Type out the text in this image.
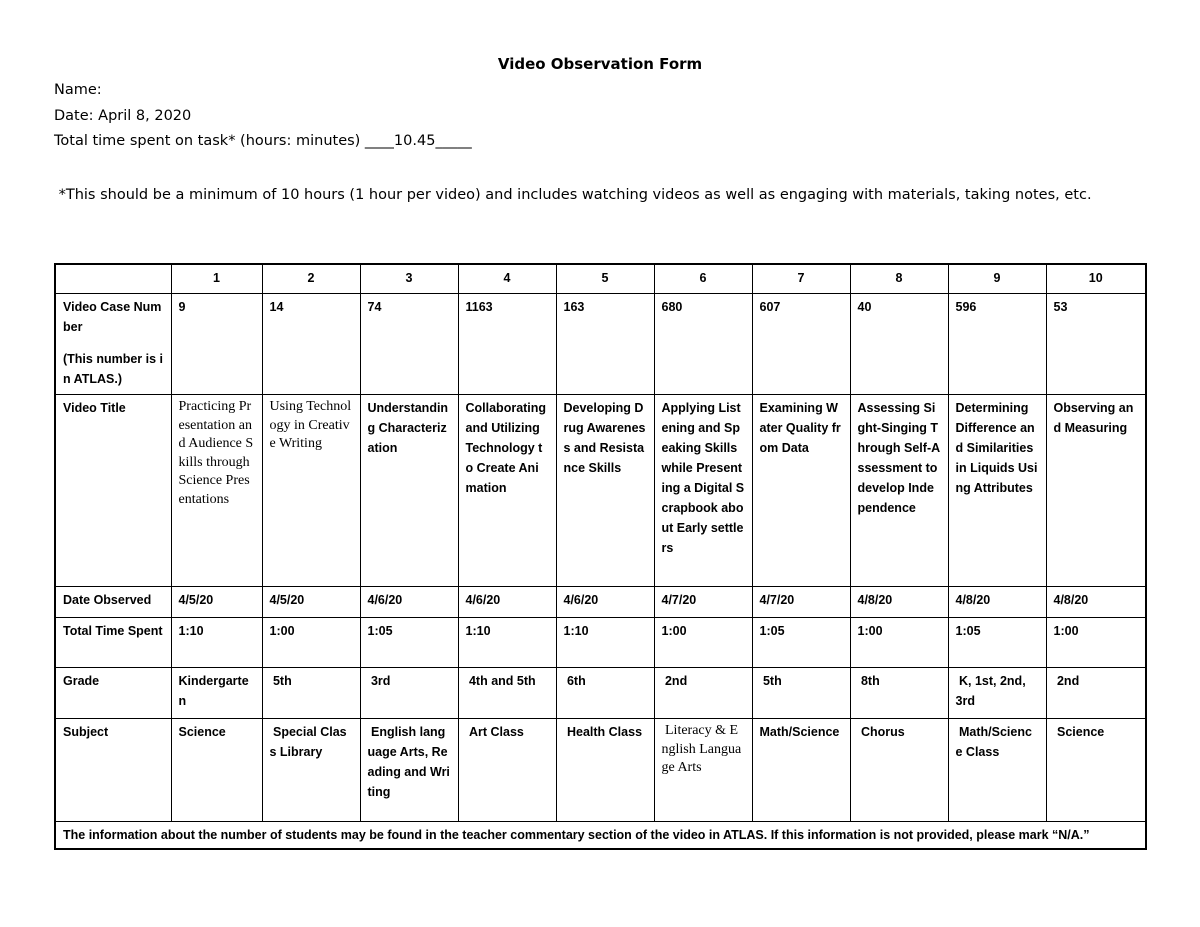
Video Observation Form
Name:
Date: April 8, 2020
Total time spent on task* (hours: minutes) ____10.45_____
*This should be a minimum of 10 hours (1 hour per video) and includes watching videos as well as engaging with materials, taking notes, etc.
	1	2	3	4	5	6	7	8	9	10
Video Case Number
(This number is in ATLAS.)	9	14	74	1163	163	680	607	40	596	53
Video Title	Practicing Presentation and Audience Skills through Science Presentations	Using Technology in Creative Writing	Understanding Characterization	Collaborating and Utilizing Technology to Create Animation	Developing Drug Awareness and Resistance Skills	Applying Listening and Speaking Skills while Presenting a Digital Scrapbook about Early settlers	Examining Water Quality from Data	Assessing Sight-Singing Through Self-Assessment to develop Independence	Determining Difference and Similarities in Liquids Using Attributes	Observing and Measuring
Date Observed	4/5/20	4/5/20	4/6/20	4/6/20	4/6/20	4/7/20	4/7/20	4/8/20	4/8/20	4/8/20
Total Time Spent	1:10	1:00	1:05	1:10	1:10	1:00	1:05	1:00	1:05	1:00
Grade	Kindergarten	5th	3rd	4th and 5th	6th	2nd	5th	8th	K, 1st, 2nd,  3rd	2nd
Subject	Science	Special Class Library	English language Arts, Reading and Writing	Art Class	Health Class	Literacy & English Language Arts	Math/Science	Chorus	Math/Science Class	Science
The information about the number of students may be found in the teacher commentary section of the video in ATLAS. If this information is not provided, please mark “N/A.”										
